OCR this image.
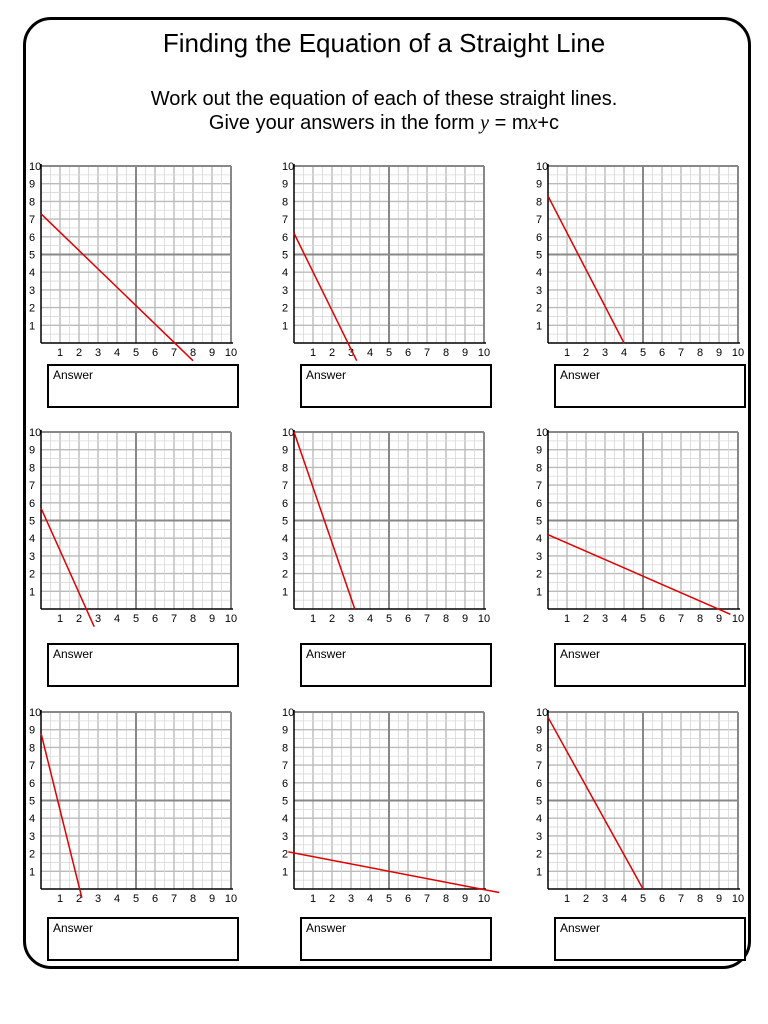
Finding the Equation of a Straight Line
Work out the equation of each of these straight lines.
Give your answers in the form y = mx+c
1 2 3 4 5 6 7 8 9 10
1
2
3
4
5
6
7
8
9
10
1 2 3 4 5 6 7 8 9 10
1
2
3
4
5
6
7
8
9
10
1 2 3 4 5 6 7 8 9 10
1
2
3
4
5
6
7
8
9
10
1 2 3 4 5 6 7 8 9 10
1
2
3
4
5
6
7
8
9
10
1 2 3 4 5 6 7 8 9 10
1
2
3
4
5
6
7
8
9
10
1 2 3 4 5 6 7 8 9 10
1
2
3
4
5
6
7
8
9
10
1 2 3 4 5 6 7 8 9 10
1
2
3
4
5
6
7
8
9
10
1 2 3 4 5 6 7 8 9 10
1
2
3
4
5
6
7
8
9
10
1 2 3 4 5 6 7 8 9 10
1
2
3
4
5
6
7
8
9
10
Answer	Answer	Answer
Answer	Answer	Answer
Answer	Answer	Answer
